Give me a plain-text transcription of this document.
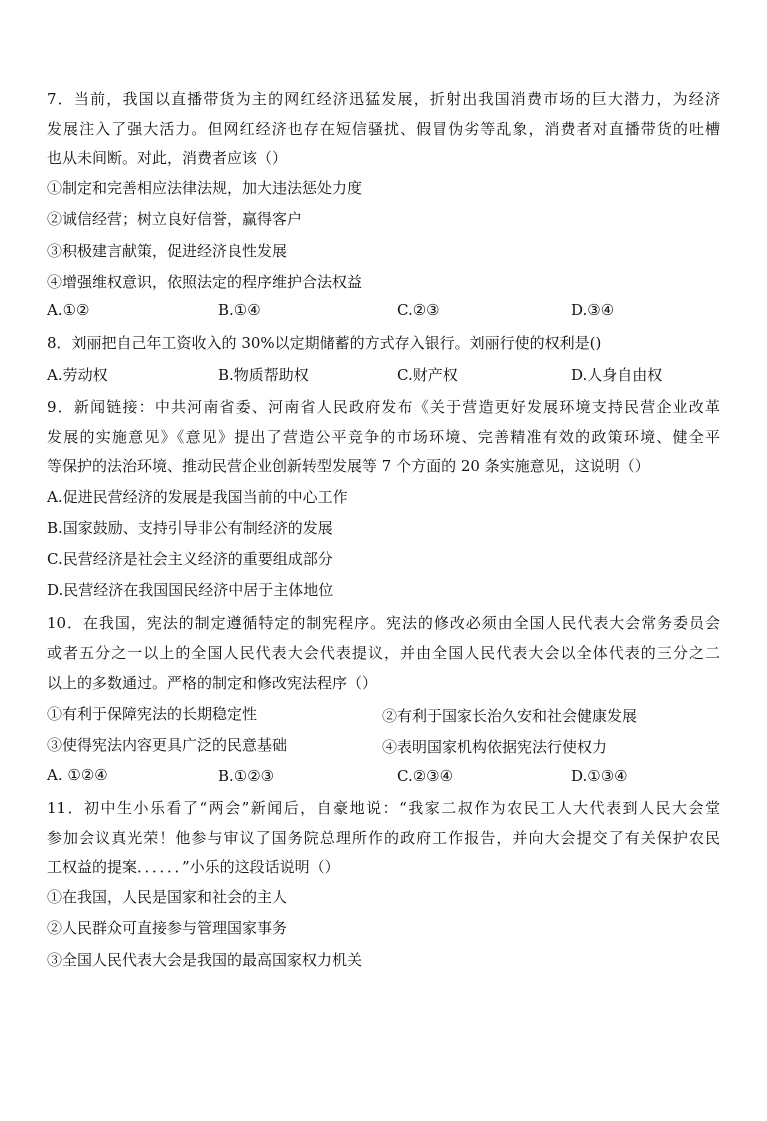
7．当前，我国以直播带货为主的网红经济迅猛发展，折射出我国消费市场的巨大潜力，为经济
发展注入了强大活力。但网红经济也存在短信骚扰、假冒伪劣等乱象，消费者对直播带货的吐槽
也从未间断。对此，消费者应该（）
①制定和完善相应法律法规，加大违法惩处力度
②诚信经营；树立良好信誉，赢得客户
③积极建言献策，促进经济良性发展
④增强维权意识，依照法定的程序维护合法权益
A.①②	B.①④	C.②③	D.③④
8．刘丽把自己年工资收入的 30%以定期储蓄的方式存入银行。刘丽行使的权利是()
A.劳动权	B.物质帮助权	C.财产权	D.人身自由权
9．新闻链接：中共河南省委、河南省人民政府发布《关于营造更好发展环境支持民营企业改革
发展的实施意见》《意见》提出了营造公平竞争的市场环境、完善精准有效的政策环境、健全平
等保护的法治环境、推动民营企业创新转型发展等 7 个方面的 20 条实施意见，这说明（）
A.促进民营经济的发展是我国当前的中心工作
B.国家鼓励、支持引导非公有制经济的发展
C.民营经济是社会主义经济的重要组成部分
D.民营经济在我国国民经济中居于主体地位
10．在我国，宪法的制定遵循特定的制宪程序。宪法的修改必须由全国人民代表大会常务委员会
或者五分之一以上的全国人民代表大会代表提议，并由全国人民代表大会以全体代表的三分之二
以上的多数通过。严格的制定和修改宪法程序（）
①有利于保障宪法的长期稳定性	②有利于国家长治久安和社会健康发展
③使得宪法内容更具广泛的民意基础	④表明国家机构依据宪法行使权力
A. ①②④	B.①②③	C.②③④	D.①③④
11．初中生小乐看了“两会”新闻后，自豪地说：“我家二叔作为农民工人大代表到人民大会堂
参加会议真光荣！他参与审议了国务院总理所作的政府工作报告，并向大会提交了有关保护农民
工权益的提案．．．．．．”小乐的这段话说明（）
①在我国，人民是国家和社会的主人
②人民群众可直接参与管理国家事务
③全国人民代表大会是我国的最高国家权力机关
